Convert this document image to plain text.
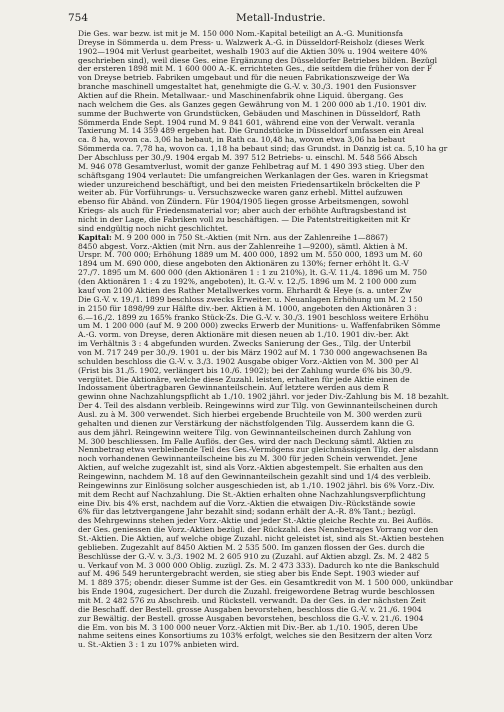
754	Metall-Industrie.
Die Ges. war bezw. ist mit je M. 150 000 Nom.-Kapital beteiligt an A.-G. Munitionsfa
Dreyse in Sömmerda u. dem Press- u. Walzwerk A.-G. in Düsseldorf-Reisholz (dieses Werk
1902—1904 mit Verlust gearbeitet, weshalb 1903 auf die Aktien 30% u. 1904 weitere 40%
geschrieben sind), weil diese Ges. eine Ergänzung des Düsseldorfer Betriebes bilden. Bezügl
der ersteren 1898 mit M. 1 600 000 A.-K. errichteten Ges., die seitdem die früher von der F
von Dreyse betrieb. Fabriken umgebaut und für die neuen Fabrikationszweige der Wa
branche maschinell umgestaltet hat, genehmigte die G.-V. v. 30./3. 1901 den Fusionsver
Aktien auf die Rhein. Metallwaar.- und Maschinenfabrik ohne Liquid. übergang. Ges
nach welchem die Ges. als Ganzes gegen Gewährung von M. 1 200 000 ab 1./10. 1901 div.
summe der Buchwerte von Grundstücken, Gebäuden und Maschinen in Düsseldorf, Rath
Sömmerda Ende Sept. 1904 rund M. 9 841 601, während eine von der Verwalt. veranla
Taxierung M. 14 359 489 ergeben hat. Die Grundstücke in Düsseldorf umfassen ein Areal
ca. 8 ha, wovon ca. 3,06 ha bebaut, in Rath ca. 10,48 ha, wovon etwa 3,06 ha bebaut
Sömmerda ca. 7,78 ha, wovon ca. 1,18 ha bebaut sind; das Grundst. in Danzig ist ca. 5,10 ha gr
Der Abschluss per 30./9. 1904 ergab M. 397 512 Betriebs- u. einschl. M. 548 566 Absch
M. 946 078 Gesamtverlust, womit der ganze Fehlbetrag auf M. 1 490 393 stieg. Über den
schäftsgang 1904 verlautet: Die umfangreichen Werkanlagen der Ges. waren in Kriegsmat
wieder unzureichend beschäftigt, und bei den meisten Friedensartikeln bröckelten die P
weiter ab. Für Vorführungs- u. Versuchszwecke waren ganz erhebl. Mittel aufzuwen
ebenso für Abänd. von Zündern. Für 1904/1905 liegen grosse Arbeitsmengen, sowohl
Kriegs- als auch für Friedensmaterial vor; aber auch der erhöhte Auftragsbestand ist
nicht in der Lage, die Fabriken voll zu beschäftigen. — Die Patentstreitigkeiten mit Kr
sind endgültig noch nicht geschlichtet.
Kapital: M. 9 200 000 in 750 St.-Aktien (mit Nrn. aus der Zahlenreihe 1—8867)
8450 abgest. Vorz.-Aktien (mit Nrn. aus der Zahlenreihe 1—9200), sämtl. Aktien à M.
Urspr. M. 700 000; Erhöhung 1889 um M. 400 000, 1892 um M. 550 000, 1893 um M. 60
1894 um M. 690 000, diese angeboten den Aktionären zu 130%; ferner erhöht lt. G.-V
27./7. 1895 um M. 600 000 (den Aktionären 1 : 1 zu 210%), lt. G.-V. 11./4. 1896 um M. 750
(den Aktionären 1 : 4 zu 192%, angeboten), lt. G.-V. v. 12./5. 1896 um M. 2 100 000 zum
kauf von 2100 Aktien des Rather Metallwerkes vorm. Ehrhardt & Heye (s. a. unter Zw
Die G.-V. v. 19./1. 1899 beschloss zwecks Erweiter. u. Neuanlagen Erhöhung um M. 2 150
in 2150 für 1898/99 zur Hälfte div.-ber. Aktien à M. 1000, angeboten den Aktionären 3 :
6.—16./2. 1899 zu 165% franko Stück-Zs. Die G.-V. v. 30./3. 1901 beschloss weitere Erhöhu
um M. 1 200 000 (auf M. 9 200 000) zwecks Erwerb der Munitions- u. Waffenfabriken Sömme
A.-G. vorm. von Dreyse, deren Aktionäre mit diesen neuen ab 1./10. 1901 div.-ber. Akt
im Verhältnis 3 : 4 abgefunden wurden. Zwecks Sanierung der Ges., Tilg. der Unterbil
von M. 717 249 per 30./9. 1901 u. der bis März 1902 auf M. 1 730 000 angewachsenen Ba
schulden beschloss die G.-V. v. 3./3. 1902 Ausgabe obiger Vorz.-Aktien von M. 300 per Al
(Frist bis 31./5. 1902, verlängert bis 10./6. 1902); bei der Zahlung wurde 6% bis 30./9.
vergütet. Die Aktionäre, welche diese Zuzahl. leisten, erhalten für jede Aktie einen de
Indossament übertragbaren Gewinnanteilschein. Auf letztere werden aus dem R
gewinn ohne Nachzahlungspflicht ab 1./10. 1902 jährl. vor jeder Div.-Zahlung bis M. 18 bezahlt.
Der 4. Teil des alsdann verbleib. Reingewinns wird zur Tilg. von Gewinnanteilscheinen durch
Ausl. zu à M. 300 verwendet. Sich hierbei ergebende Bruchteile von M. 300 werden zurü
gehalten und dienen zur Verstärkung der nächstfolgenden Tilg. Ausserdem kann die G.
aus dem jährl. Reingewinn weitere Tilg. von Gewinnanteilscheinen durch Zahlung von
M. 300 beschliessen. Im Falle Auflös. der Ges. wird der nach Deckung sämtl. Aktien zu
Nennbetrag etwa verbleibende Teil des Ges.-Vermögens zur gleichmässigen Tilg. der alsdann
noch vorhandenen Gewinnanteilscheine bis zu M. 300 für jeden Schein verwendet. Jene
Aktien, auf welche zugezahlt ist, sind als Vorz.-Aktien abgestempelt. Sie erhalten aus den
Reingewinn, nachdem M. 18 auf den Gewinnanteilschein gezahlt sind und 1/4 des verbleib.
Reingewinns zur Einlösung solcher ausgeschieden ist, ab 1./10. 1902 jährl. bis 6% Vorz.-Div.
mit dem Recht auf Nachzahlung. Die St.-Aktien erhalten ohne Nachzahlungsverpflichtung
eine Div. bis 4% erst, nachdem auf die Vorz.-Aktien die etwaigen Div.-Rückstände sowie
6% für das letztvergangene Jahr bezahlt sind; sodann erhält der A.-R. 8% Tant.; bezügl.
des Mehrgewinns stehen jeder Vorz.-Aktie und jeder St.-Aktie gleiche Rechte zu. Bei Auflös.
der Ges. geniessen die Vorz.-Aktien bezügl. der Rückzahl. des Nennbetrages Vorrang vor den
St.-Aktien. Die Aktien, auf welche obige Zuzahl. nicht geleistet ist, sind als St.-Aktien bestehen
geblieben. Zugezahlt auf 8450 Aktien M. 2 535 500. Im ganzen flossen der Ges. durch die
Beschlüsse der G.-V. v. 3./3. 1902 M. 2 605 910 zu (Zuzahl. auf Aktien abzgl. Zs. M. 2 482 5
u. Verkauf von M. 3 000 000 Oblig. zuzügl. Zs. M. 2 473 333). Dadurch ko nte die Bankschuld
auf M. 496 549 heruntergebracht werden, sie stieg aber bis Ende Sept. 1903 wieder auf
M. 1 889 375; obendr. dieser Summe ist der Ges. ein Gesamtkredit von M. 1 500 000, unkündbar
bis Ende 1904, zugesichert. Der durch die Zuzahl. freigewordene Betrag wurde beschlossen
mit M. 2 482 576 zu Abschreib. und Rückstell. verwandt. Da der Ges. in der nächsten Zeit
die Beschaff. der Bestell. grosse Ausgaben bevorstehen, beschloss die G.-V. v. 21./6. 1904
zur Bewältig. der Bestell. grosse Ausgaben bevorstehen, beschloss die G.-V. v. 21./6. 1904
die Em. von bis M. 3 100 000 neuer Vorz.-Aktien mit Div.-Ber. ab 1./10. 1905, deren Übe
nahme seitens eines Konsortiums zu 103% erfolgt, welches sie den Besitzern der alten Vorz
u. St.-Aktien 3 : 1 zu 107% anbieten wird.
